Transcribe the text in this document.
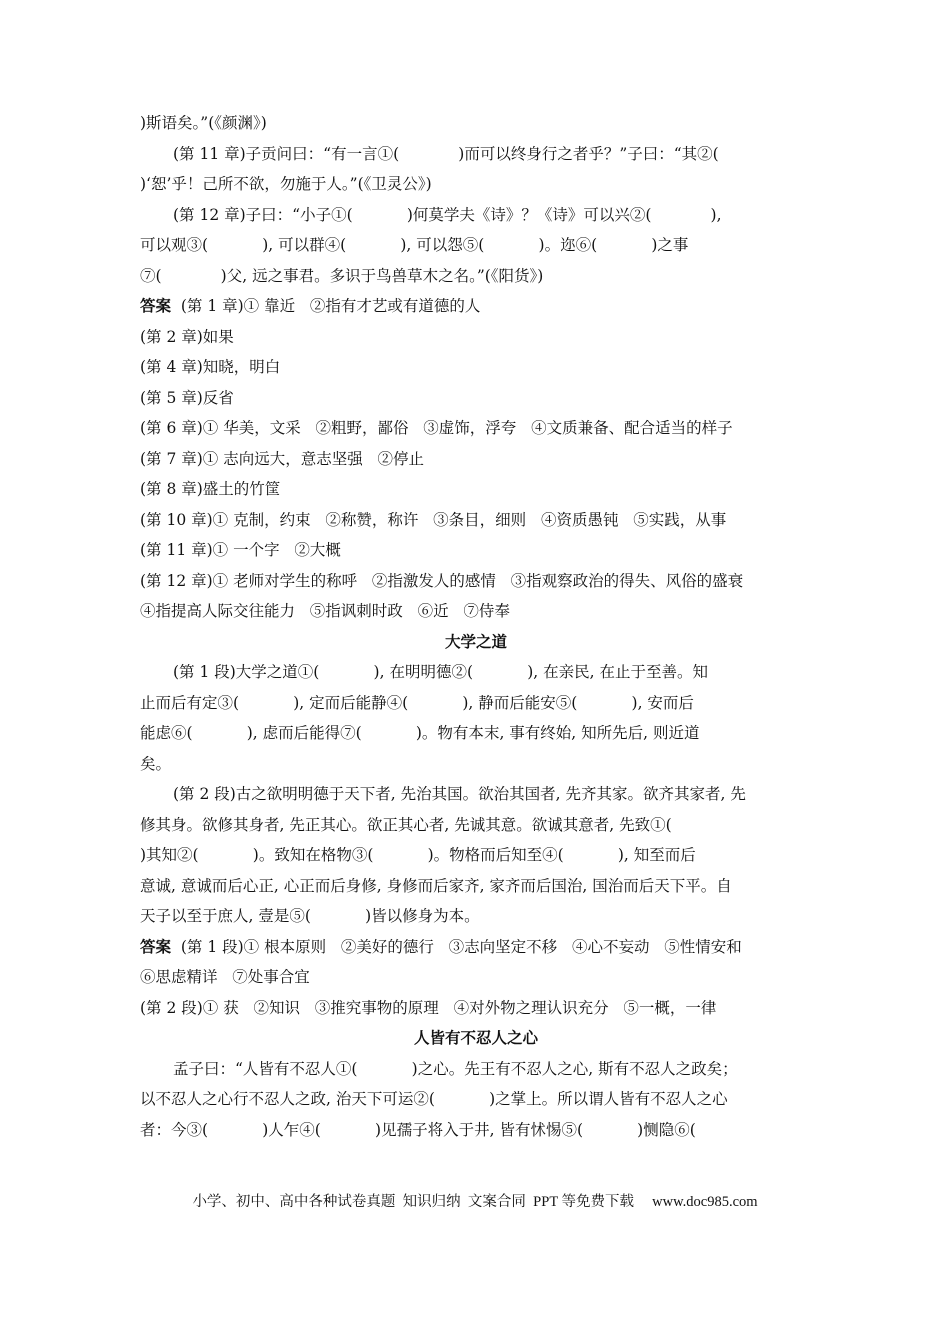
)斯语矣。”(《颜渊》)
(第 11 章)子贡问曰：“有一言①(            )而可以终身行之者乎？”子曰：“其②(
)‘恕’乎！己所不欲，勿施于人。”(《卫灵公》)
(第 12 章)子曰：“小子①(           )何莫学夫《诗》？《诗》可以兴②(            ),
可以观③(           ), 可以群④(           ), 可以怨⑤(           )。迩⑥(           )之事
⑦(            )父, 远之事君。多识于鸟兽草木之名。”(《阳货》)
答案  (第 1 章)① 靠近   ②指有才艺或有道德的人
(第 2 章)如果
(第 4 章)知晓，明白
(第 5 章)反省
(第 6 章)① 华美，文采   ②粗野，鄙俗   ③虚饰，浮夸   ④文质兼备、配合适当的样子
(第 7 章)① 志向远大，意志坚强   ②停止
(第 8 章)盛土的竹筐
(第 10 章)① 克制，约束   ②称赞，称许   ③条目，细则   ④资质愚钝   ⑤实践，从事
(第 11 章)① 一个字   ②大概
(第 12 章)① 老师对学生的称呼   ②指激发人的感情   ③指观察政治的得失、风俗的盛衰
④指提高人际交往能力   ⑤指讽刺时政   ⑥近   ⑦侍奉
大学之道
(第 1 段)大学之道①(           ), 在明明德②(           ), 在亲民, 在止于至善。知
止而后有定③(           ), 定而后能静④(           ), 静而后能安⑤(           ), 安而后
能虑⑥(           ), 虑而后能得⑦(           )。物有本末, 事有终始, 知所先后, 则近道
矣。
(第 2 段)古之欲明明德于天下者, 先治其国。欲治其国者, 先齐其家。欲齐其家者, 先
修其身。欲修其身者, 先正其心。欲正其心者, 先诚其意。欲诚其意者, 先致①(
)其知②(           )。致知在格物③(           )。物格而后知至④(           ), 知至而后
意诚, 意诚而后心正, 心正而后身修, 身修而后家齐, 家齐而后国治, 国治而后天下平。自
天子以至于庶人, 壹是⑤(           )皆以修身为本。
答案  (第 1 段)① 根本原则   ②美好的德行   ③志向坚定不移   ④心不妄动   ⑤性情安和
⑥思虑精详   ⑦处事合宜
(第 2 段)① 获   ②知识   ③推究事物的原理   ④对外物之理认识充分   ⑤一概，一律
人皆有不忍人之心
孟子曰：“人皆有不忍人①(           )之心。先王有不忍人之心, 斯有不忍人之政矣；
以不忍人之心行不忍人之政, 治天下可运②(           )之掌上。所以谓人皆有不忍人之心
者：今③(           )人乍④(           )见孺子将入于井, 皆有怵惕⑤(           )恻隐⑥(
小学、初中、高中各种试卷真题  知识归纳  文案合同  PPT 等免费下载     www.doc985.com
